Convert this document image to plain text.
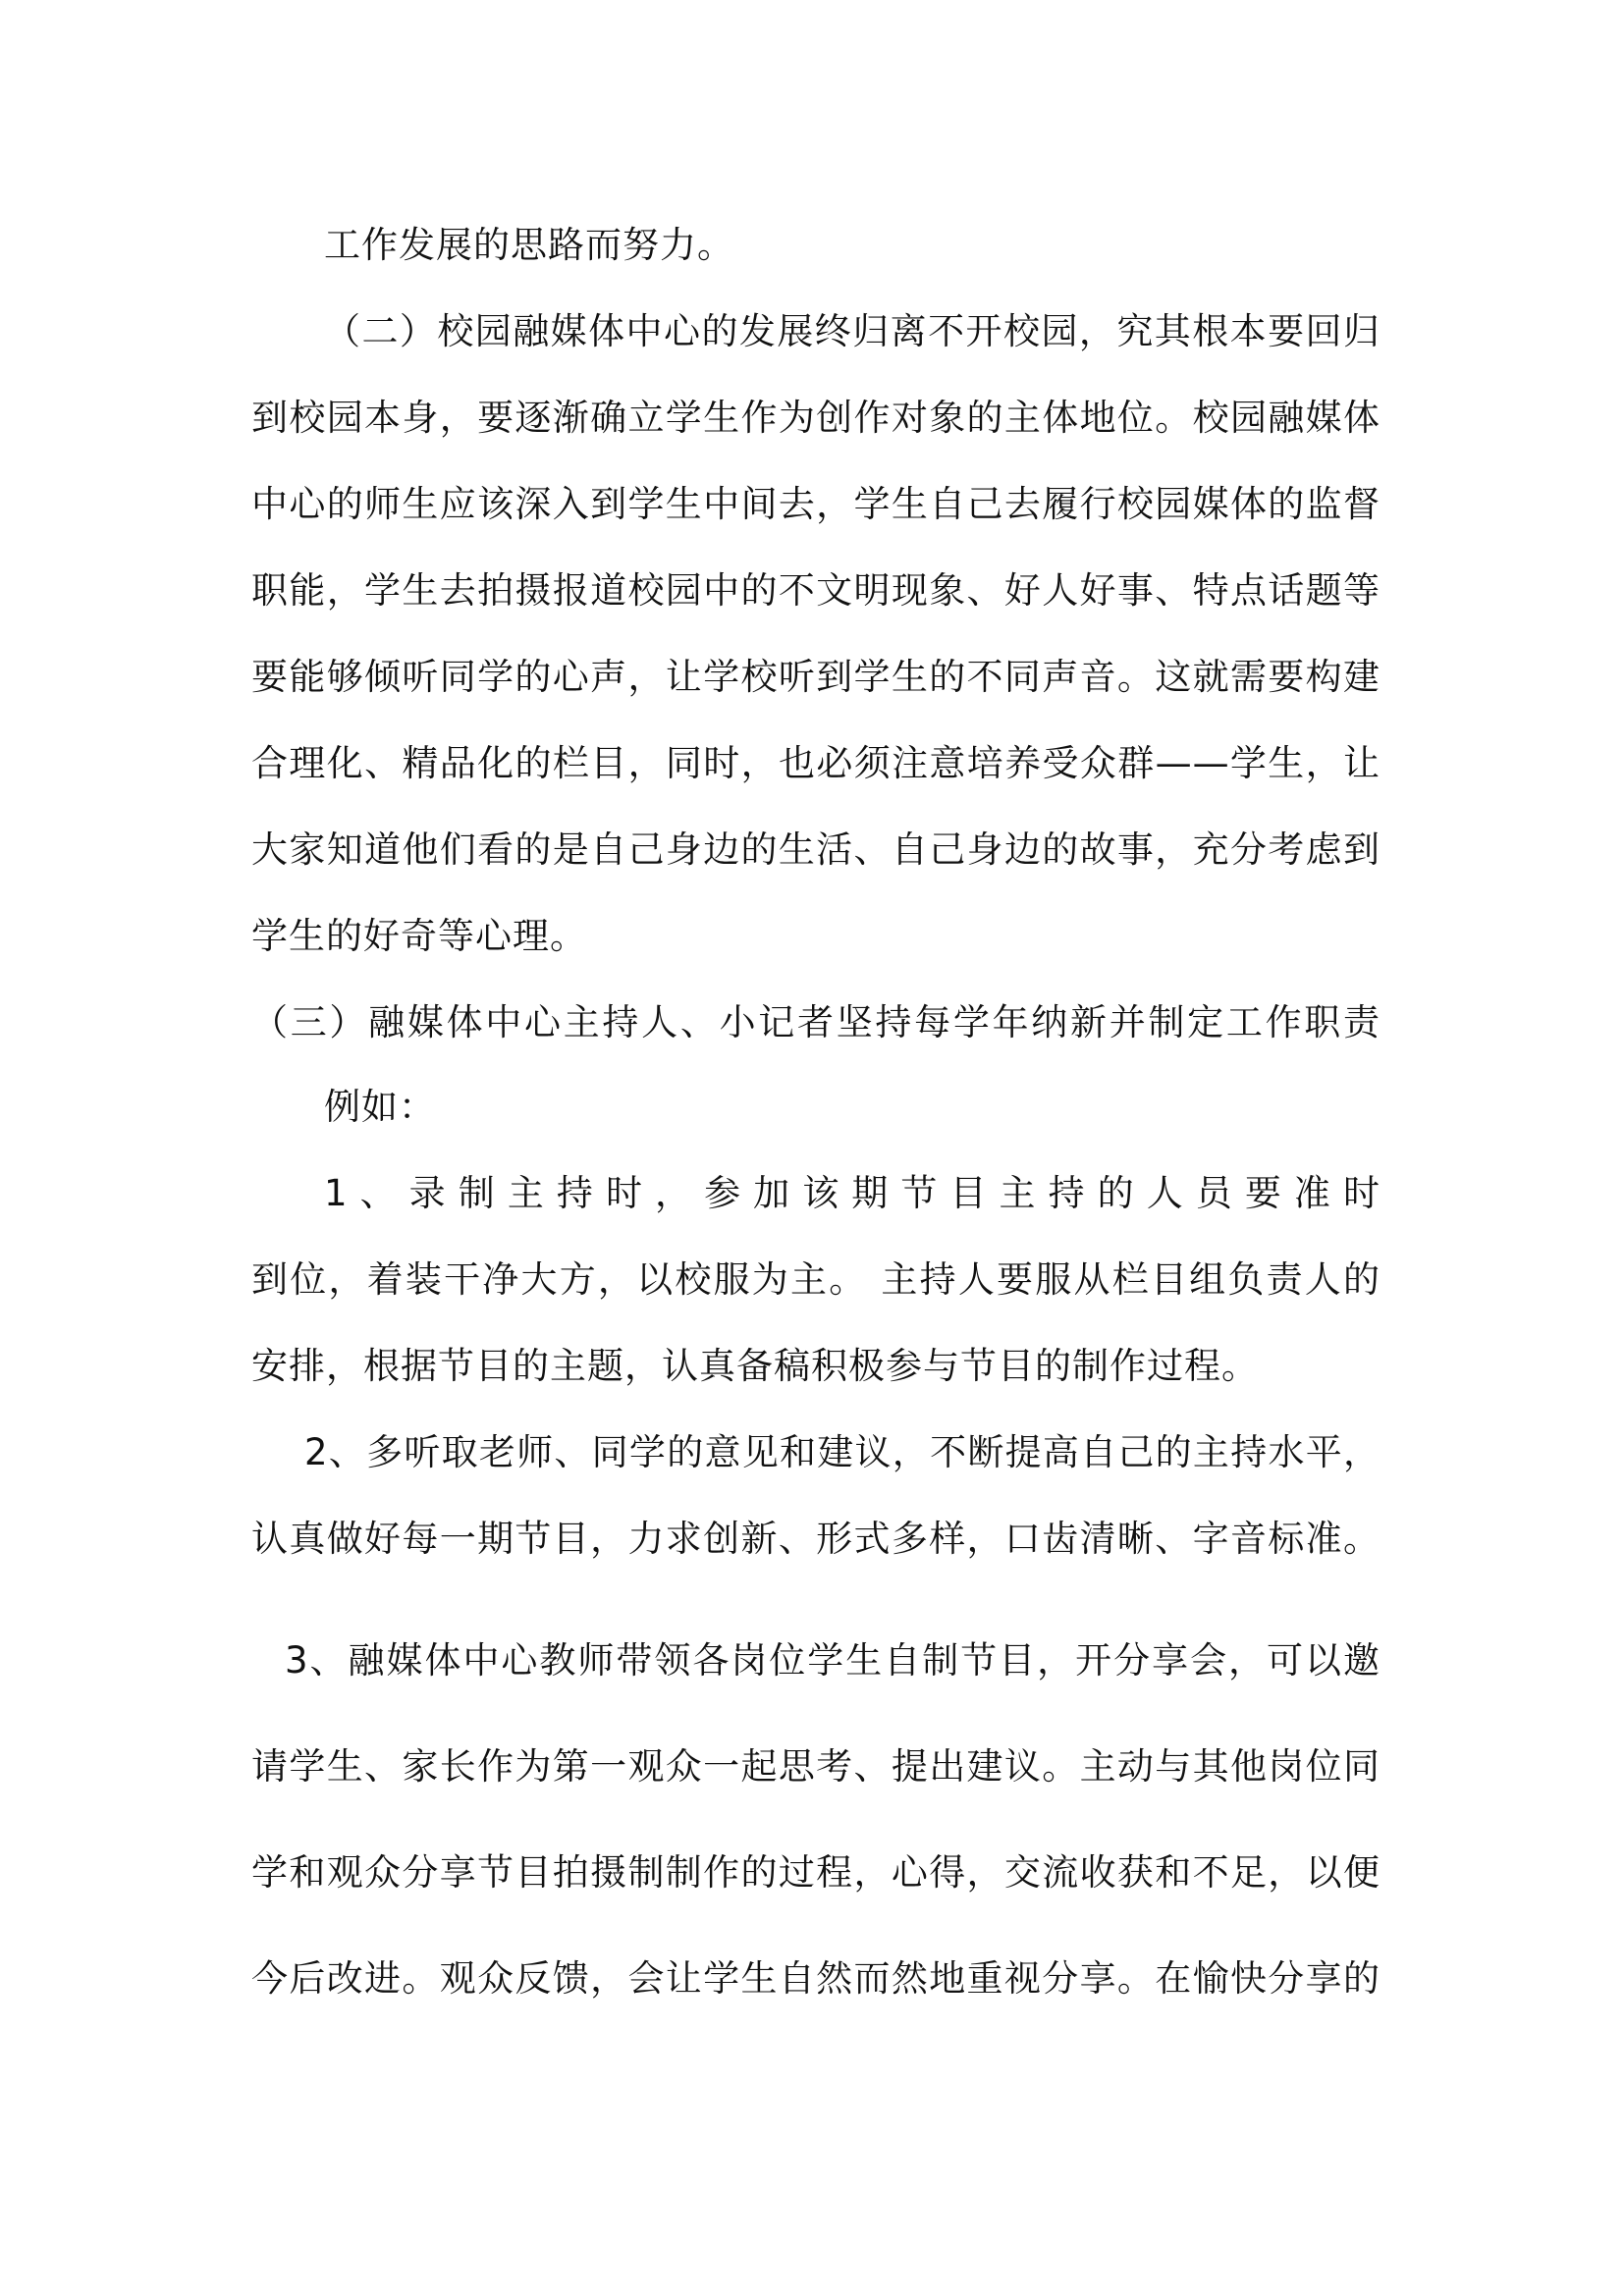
工作发展的思路而努力。
（二）校园融媒体中心的发展终归离不开校园，究其根本要回归
到校园本身，要逐渐确立学生作为创作对象的主体地位。校园融媒体
中心的师生应该深入到学生中间去，学生自己去履行校园媒体的监督
职能，学生去拍摄报道校园中的不文明现象、好人好事、特点话题等
要能够倾听同学的心声，让学校听到学生的不同声音。这就需要构建
合理化、精品化的栏目，同时，也必须注意培养受众群——学生，让
大家知道他们看的是自己身边的生活、自己身边的故事，充分考虑到
学生的好奇等心理。
（三）融媒体中心主持人、小记者坚持每学年纳新并制定工作职责
例如：
1、录制主持时，参加该期节目主持的人员要准时
到位，着装干净大方，以校服为主。 主持人要服从栏目组负责人的
安排，根据节目的主题，认真备稿积极参与节目的制作过程。
2、多听取老师、同学的意见和建议，不断提高自己的主持水平，
认真做好每一期节目，力求创新、形式多样，口齿清晰、字音标准。
3、融媒体中心教师带领各岗位学生自制节目，开分享会，可以邀
请学生、家长作为第一观众一起思考、提出建议。主动与其他岗位同
学和观众分享节目拍摄制制作的过程，心得，交流收获和不足，以便
今后改进。观众反馈，会让学生自然而然地重视分享。在愉快分享的
